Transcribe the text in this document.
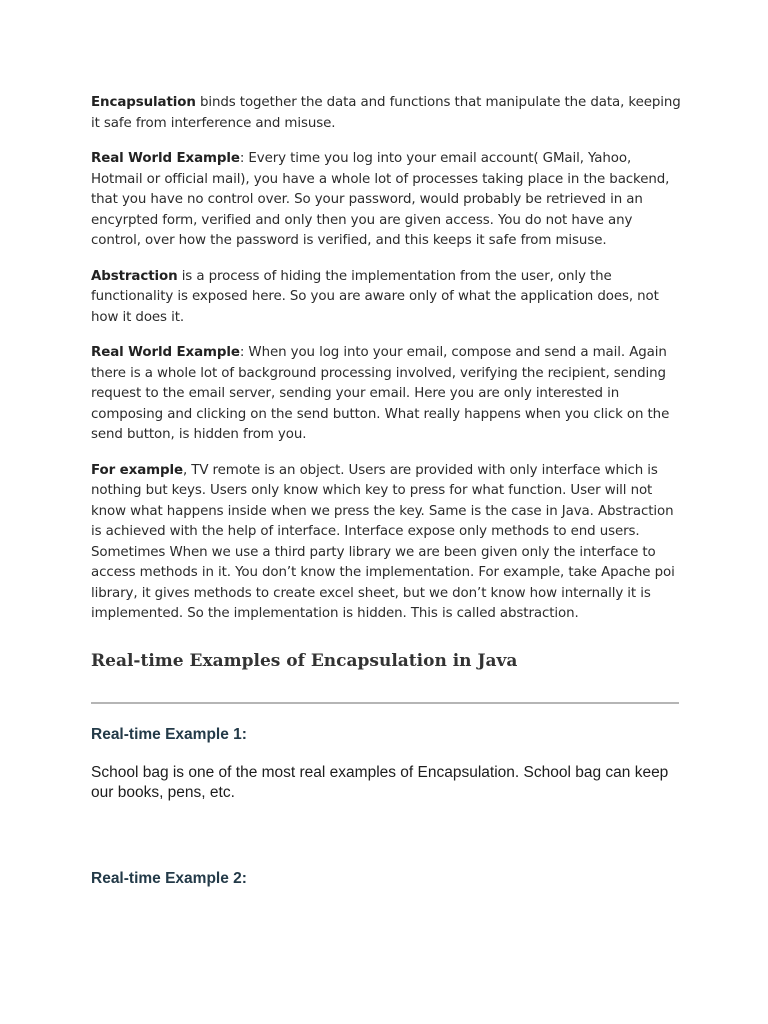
Encapsulation binds together the data and functions that manipulate the data, keeping it safe from interference and misuse.

Real World Example: Every time you log into your email account( GMail, Yahoo, Hotmail or official mail), you have a whole lot of processes taking place in the backend, that you have no control over. So your password, would probably be retrieved in an encyrpted form, verified and only then you are given access. You do not have any control, over how the password is verified, and this keeps it safe from misuse.

Abstraction is a process of hiding the implementation from the user, only the functionality is exposed here. So you are aware only of what the application does, not how it does it.

Real World Example: When you log into your email, compose and send a mail. Again there is a whole lot of background processing involved, verifying the recipient, sending request to the email server, sending your email. Here you are only interested in composing and clicking on the send button. What really happens when you click on the send button, is hidden from you.

For example, TV remote is an object. Users are provided with only interface which is nothing but keys. Users only know which key to press for what function. User will not know what happens inside when we press the key. Same is the case in Java. Abstraction is achieved with the help of interface. Interface expose only methods to end users. Sometimes When we use a third party library we are been given only the interface to access methods in it. You don’t know the implementation. For example, take Apache poi library, it gives methods to create excel sheet, but we don’t know how internally it is implemented. So the implementation is hidden. This is called abstraction.

Real-time Examples of Encapsulation in Java
Real-time Example 1:

School bag is one of the most real examples of Encapsulation. School bag can keep our books, pens, etc.

Real-time Example 2:
